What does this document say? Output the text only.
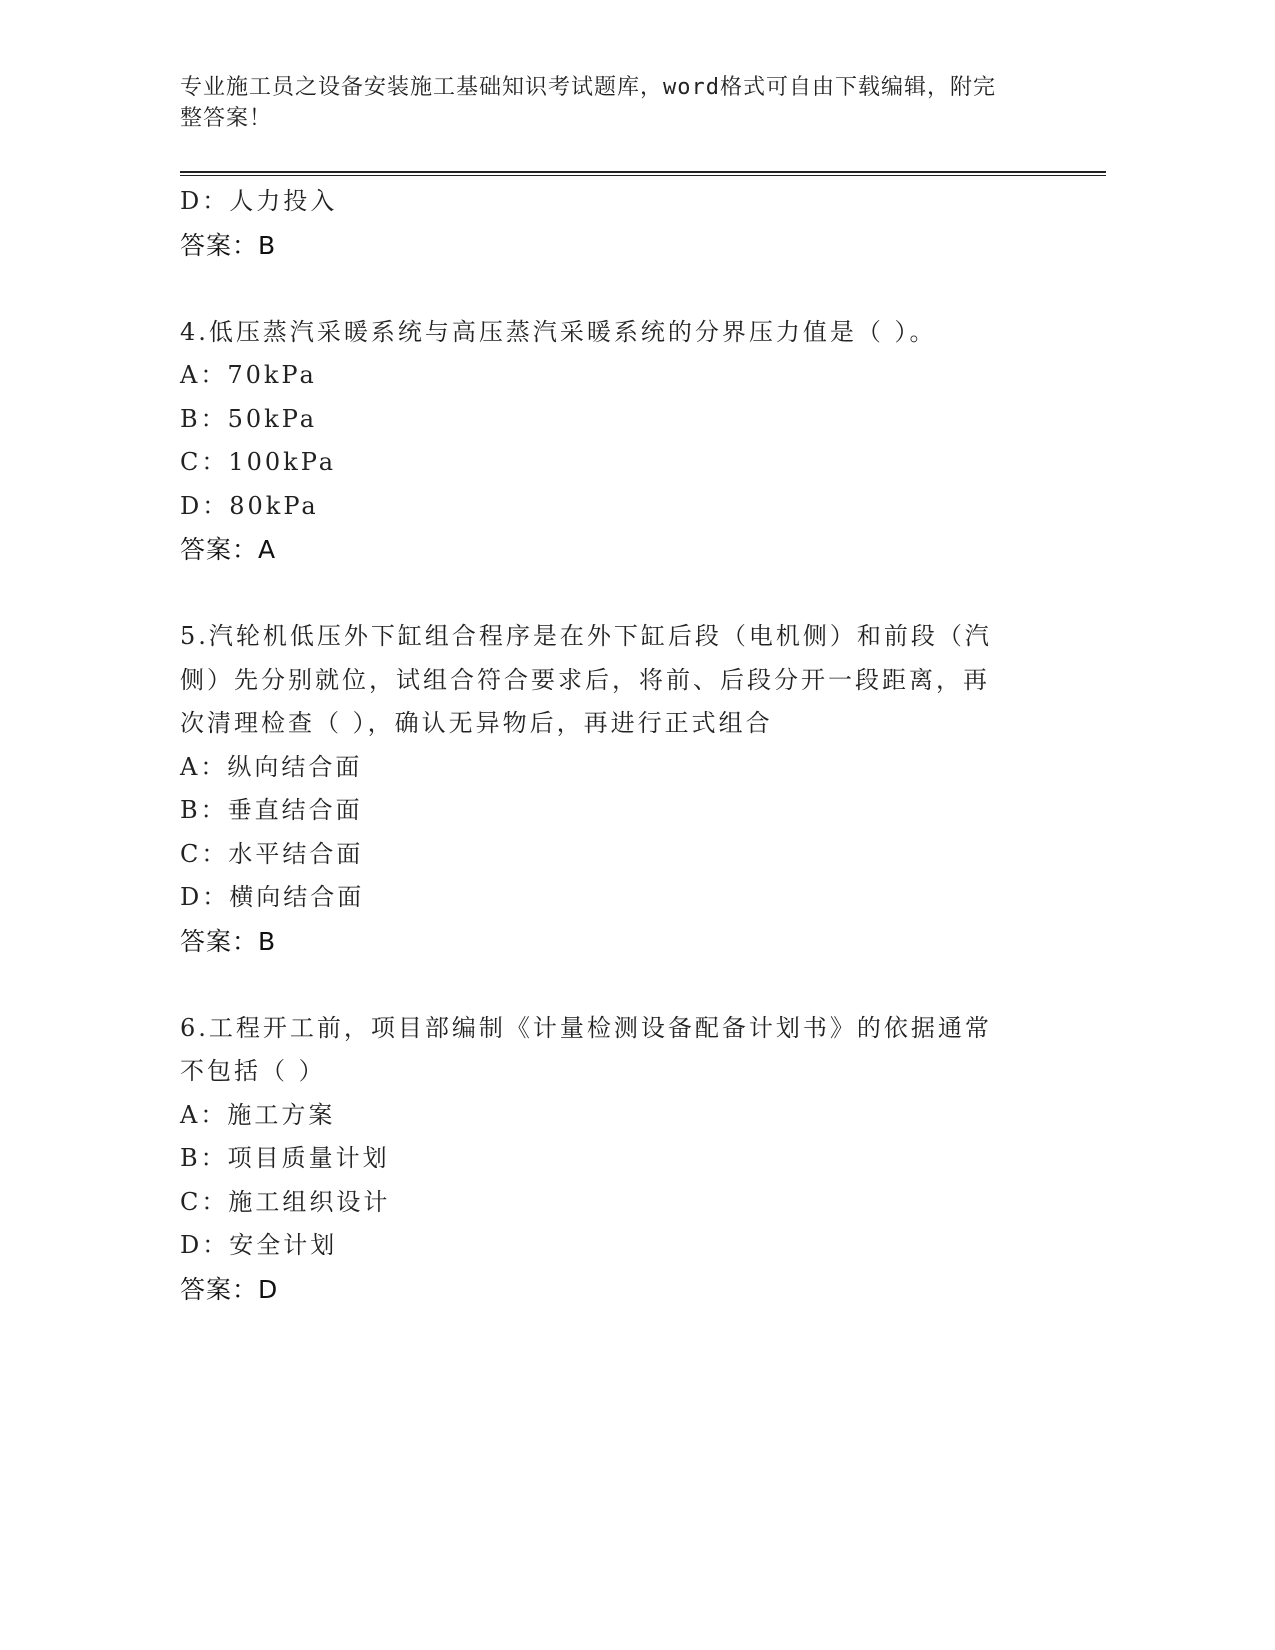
专业施工员之设备安装施工基础知识考试题库，word格式可自由下载编辑，附完
整答案！
D：人力投入
答案：B
4.低压蒸汽采暖系统与高压蒸汽采暖系统的分界压力值是（ ）。
A：70kPa
B：50kPa
C：100kPa
D：80kPa
答案：A
5.汽轮机低压外下缸组合程序是在外下缸后段（电机侧）和前段（汽
侧）先分别就位，试组合符合要求后，将前、后段分开一段距离，再
次清理检查（ ），确认无异物后，再进行正式组合
A：纵向结合面
B：垂直结合面
C：水平结合面
D：横向结合面
答案：B
6.工程开工前，项目部编制《计量检测设备配备计划书》的依据通常
不包括（ ）
A：施工方案
B：项目质量计划
C：施工组织设计
D：安全计划
答案：D
